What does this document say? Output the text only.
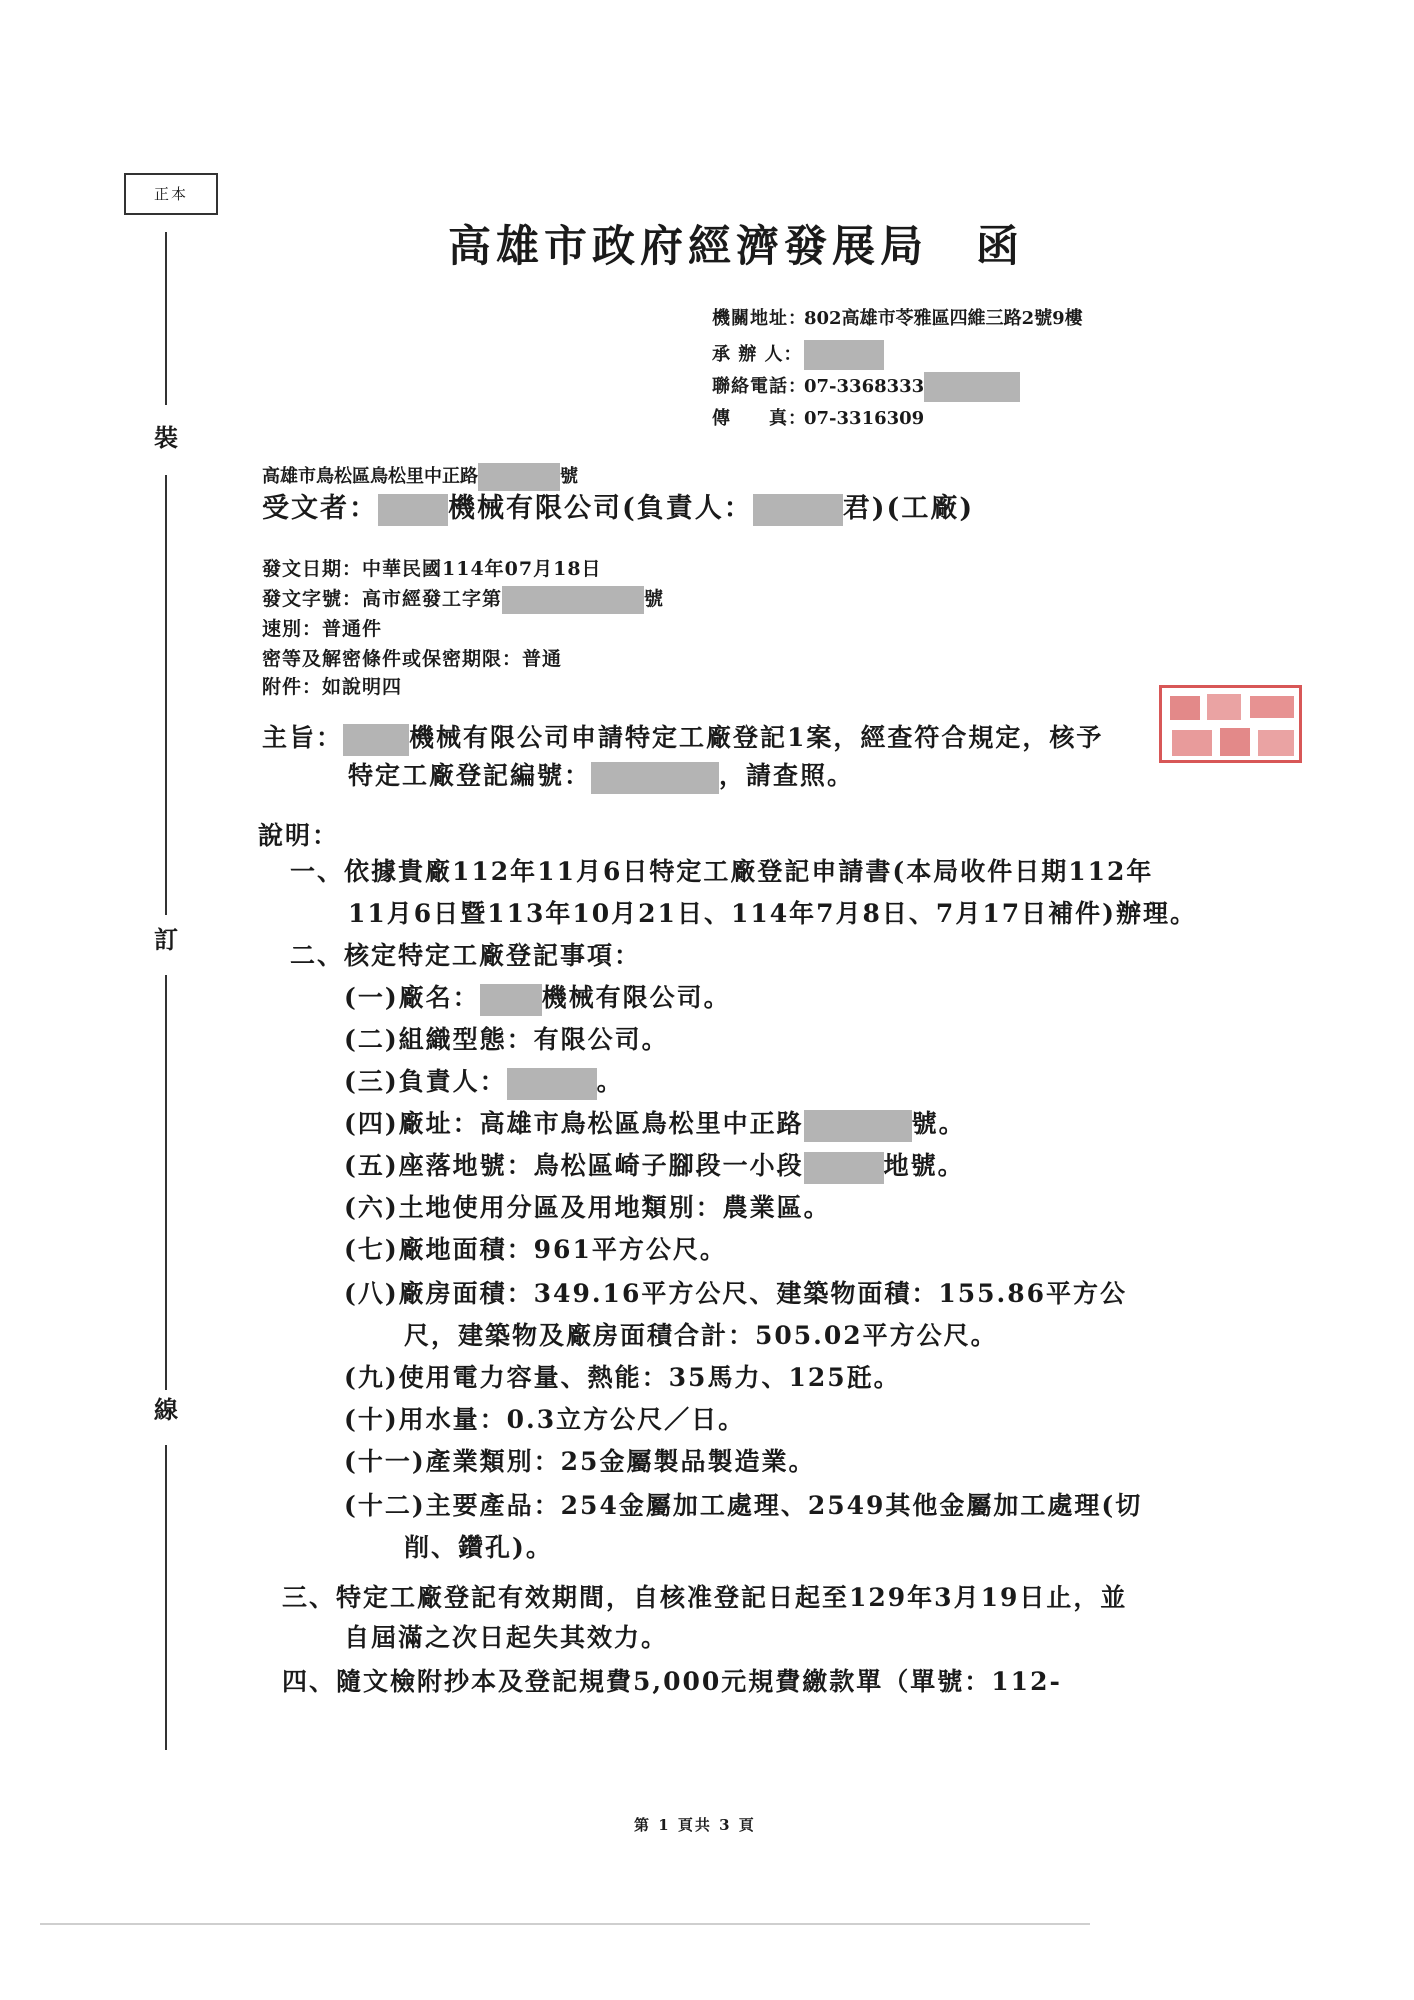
正本
裝
訂
線
高雄市政府經濟發展局　函
機關地址：802高雄市苓雅區四維三路2號9樓
承 辦 人：
聯絡電話：07-3368333
傳　　真：07-3316309
高雄市鳥松區鳥松里中正路	號
受文者：	機械有限公司(負責人：	君)(工廠)
發文日期：中華民國114年07月18日
發文字號：高市經發工字第	號
速別：普通件
密等及解密條件或保密期限：普通
附件：如說明四
主旨：	機械有限公司申請特定工廠登記1案，經查符合規定，核予
特定工廠登記編號：	，請查照。
說明：
一、依據貴廠112年11月6日特定工廠登記申請書(本局收件日期112年
11月6日暨113年10月21日、114年7月8日、7月17日補件)辦理。
二、核定特定工廠登記事項：
(一)廠名： 機械有限公司。
(二)組織型態：有限公司。
(三)負責人：	。
(四)廠址：高雄市鳥松區鳥松里中正路	號。
(五)座落地號：鳥松區崎子腳段一小段	地號。
(六)土地使用分區及用地類別：農業區。
(七)廠地面積：961平方公尺。
(八)廠房面積：349.16平方公尺、建築物面積：155.86平方公
尺，建築物及廠房面積合計：505.02平方公尺。
(九)使用電力容量、熱能：35馬力、125瓩。
(十)用水量：0.3立方公尺／日。
(十一)產業類別：25金屬製品製造業。
(十二)主要產品：254金屬加工處理、2549其他金屬加工處理(切
削、鑽孔)。
三、特定工廠登記有效期間，自核准登記日起至129年3月19日止，並
自屆滿之次日起失其效力。
四、隨文檢附抄本及登記規費5,000元規費繳款單（單號：112-
第 1 頁共 3 頁
